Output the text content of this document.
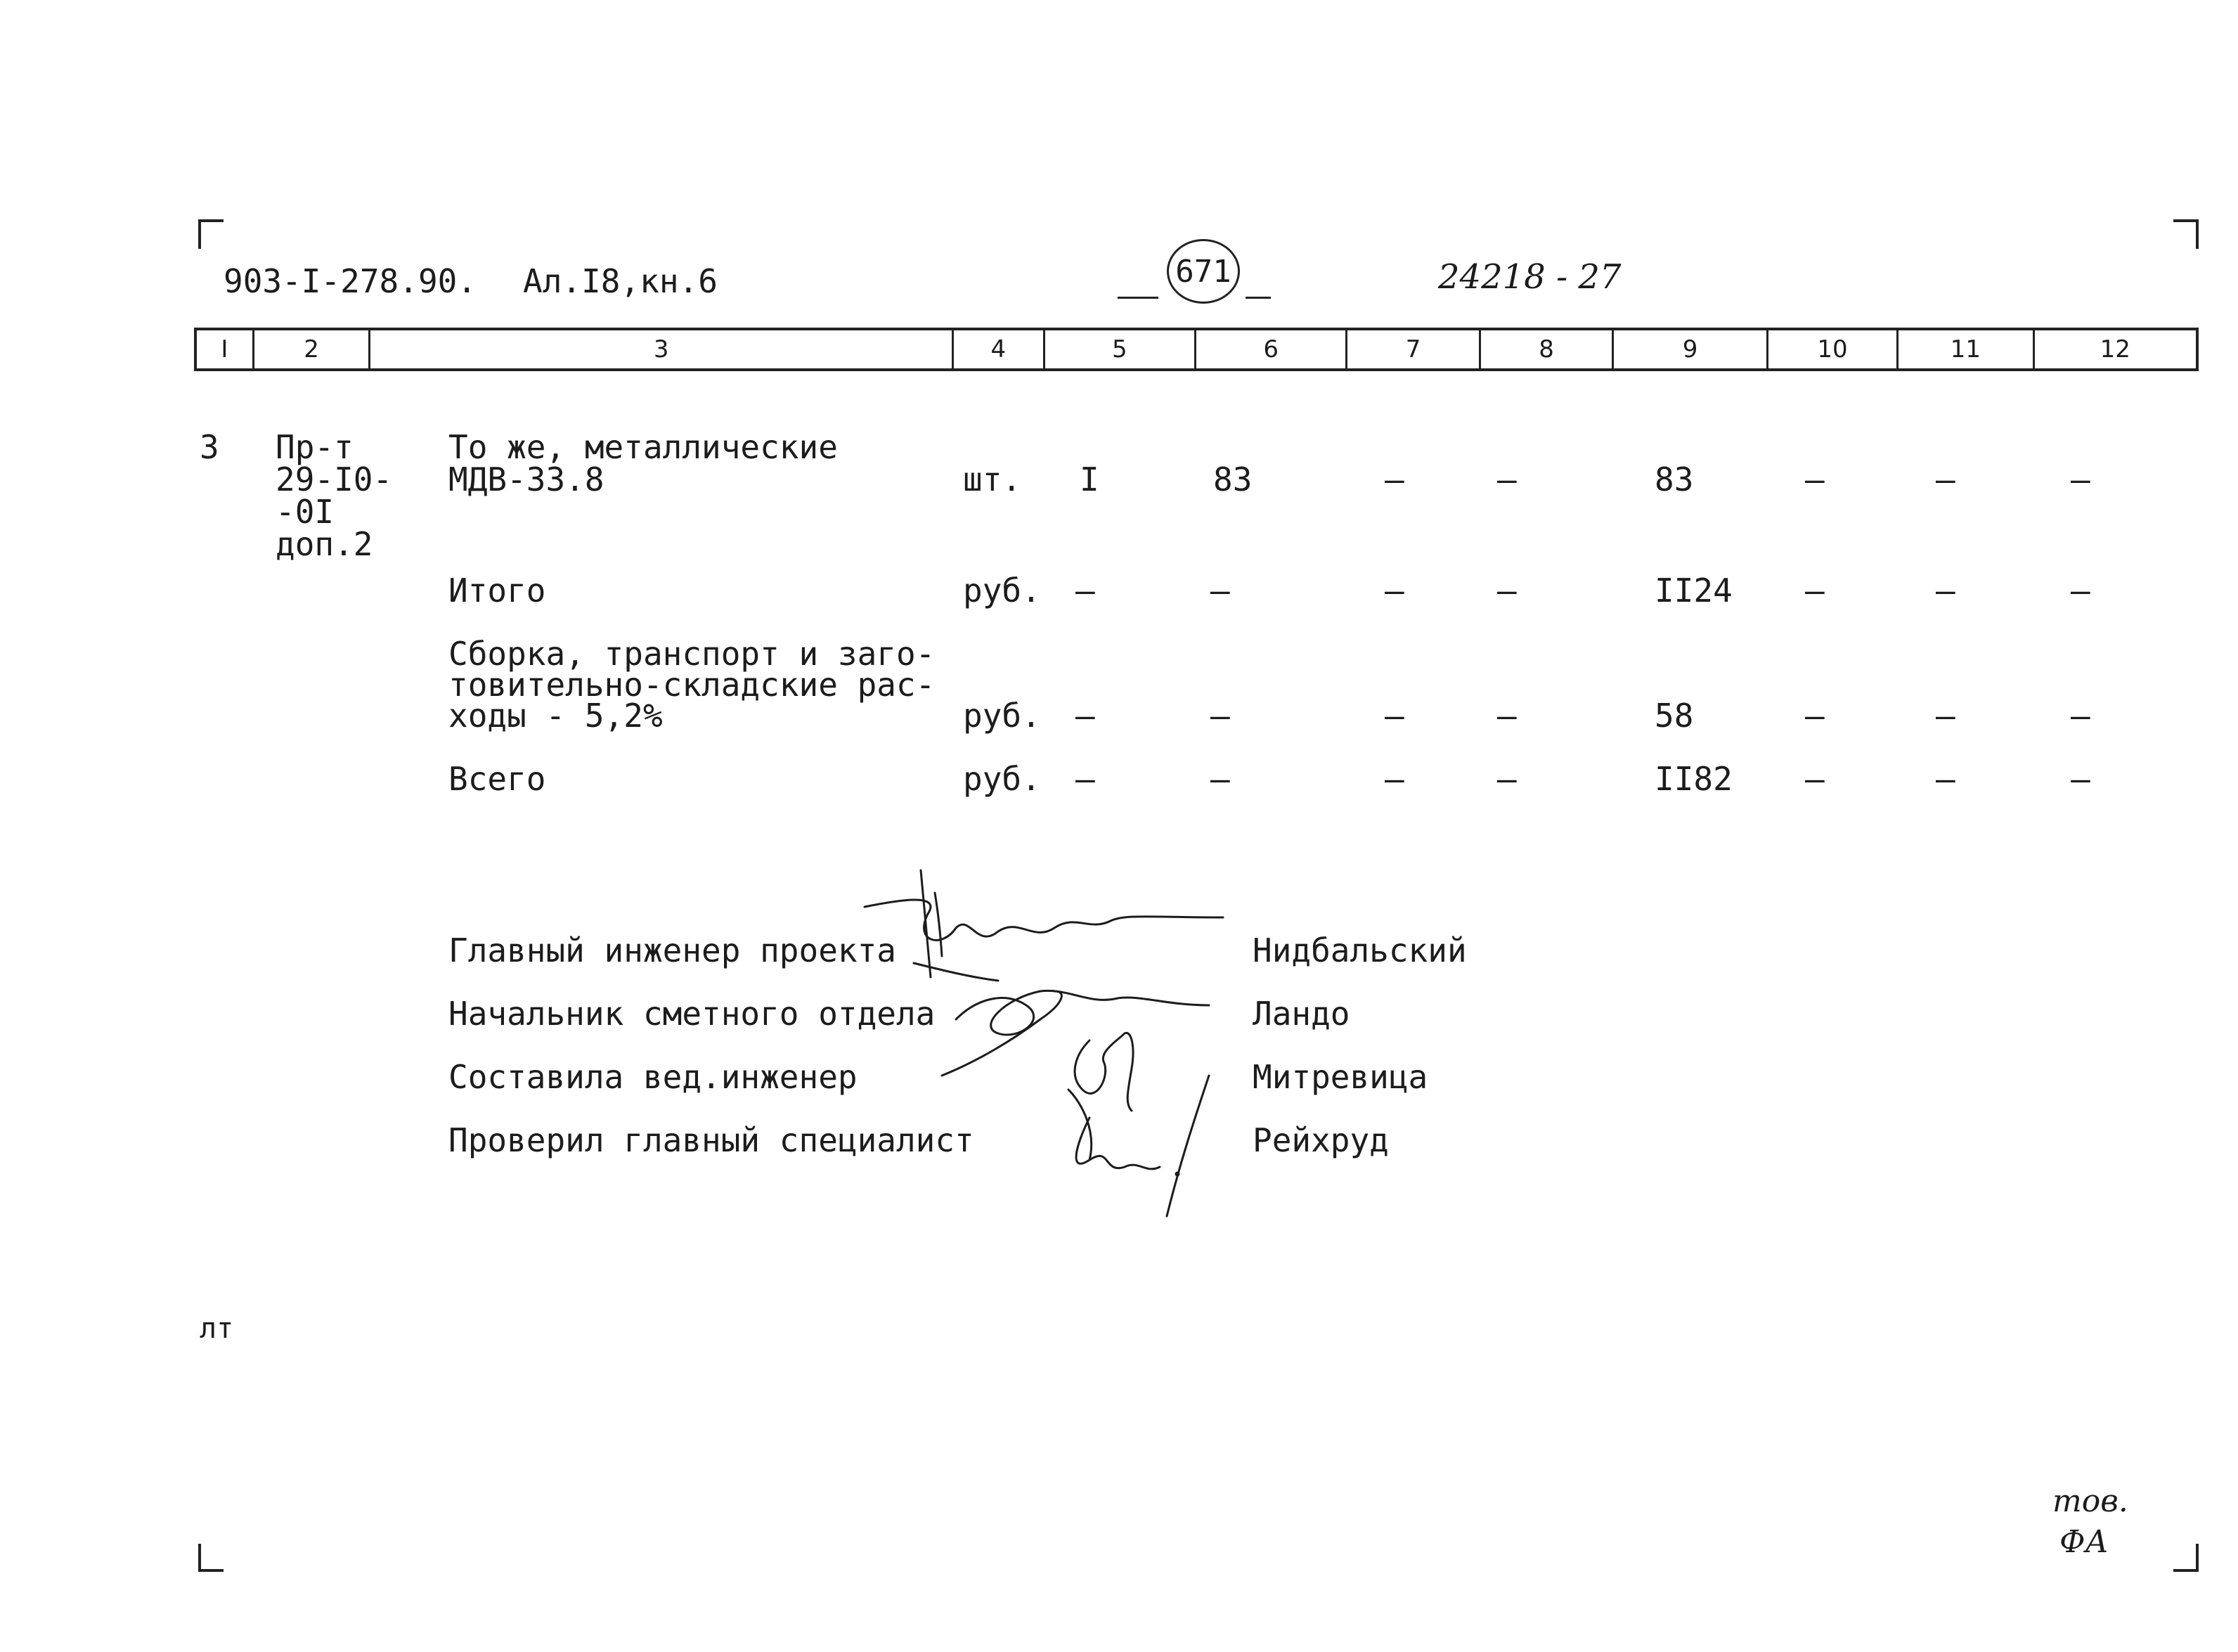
903-I-278.90. Ал.I8,кн.6	671	24218 - 27
I	2	3	4	5	6	7	8	9	10	11	12
3 Пр-т
29-I0-
-0I
доп.2
То же, металлические
МДВ-33.8	шт. I	83	–	–	83	–	–	–
Итого	руб. –	–	–	–	II24 –	–	–
Сборка, транспорт и заго-
товительно-складские рас-
ходы - 5,2%	руб. –	–	–	–	58	–	–	–
Всего	руб. –	–	–	–	II82 –	–	–
Главный инженер проекта	Нидбальский
Начальник сметного отдела	Ландо
Составила вед.инженер	Митревица
Проверил главный специалист	Рейхруд
лт
тов.
ФА
